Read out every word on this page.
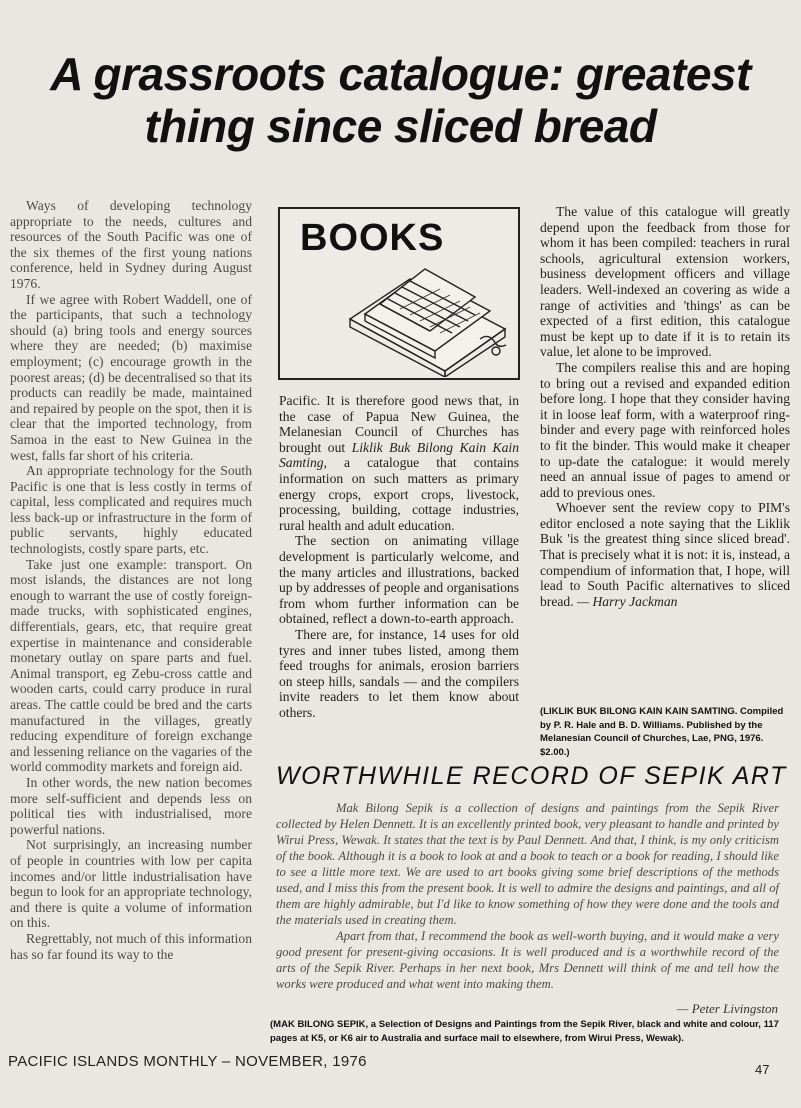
A grassroots catalogue: greatest
thing since sliced bread

Ways of developing technology appropriate to the needs, cultures and resources of the South Pacific was one of the six themes of the first young nations conference, held in Sydney during August 1976.

If we agree with Robert Waddell, one of the participants, that such a technology should (a) bring tools and energy sources where they are needed; (b) maximise employment; (c) encourage growth in the poorest areas; (d) be decentralised so that its products can readily be made, maintained and repaired by people on the spot, then it is clear that the imported technology, from Samoa in the east to New Guinea in the west, falls far short of his criteria.

An appropriate technology for the South Pacific is one that is less costly in terms of capital, less complicated and requires much less back-up or infrastructure in the form of public servants, highly educated technologists, costly spare parts, etc.

Take just one example: transport. On most islands, the distances are not long enough to warrant the use of costly foreign-made trucks, with sophisticated engines, differentials, gears, etc, that require great expertise in maintenance and considerable monetary outlay on spare parts and fuel. Animal transport, eg Zebu-cross cattle and wooden carts, could carry produce in rural areas. The cattle could be bred and the carts manufactured in the villages, greatly reducing expenditure of foreign exchange and lessening reliance on the vagaries of the world commodity markets and foreign aid.

In other words, the new nation becomes more self-sufficient and depends less on political ties with industrialised, more powerful nations.

Not surprisingly, an increasing number of people in countries with low per capita incomes and/or little industrialisation have begun to look for an appropriate technology, and there is quite a volume of information on this.

Regrettably, not much of this information has so far found its way to the

BOOKS

Pacific. It is therefore good news that, in the case of Papua New Guinea, the Melanesian Council of Churches has brought out Liklik Buk Bilong Kain Kain Samting, a catalogue that contains information on such matters as primary energy crops, export crops, livestock, processing, building, cottage industries, rural health and adult education.

The section on animating village development is particularly welcome, and the many articles and illustrations, backed up by addresses of people and organisations from whom further information can be obtained, reflect a down-to-earth approach.

There are, for instance, 14 uses for old tyres and inner tubes listed, among them feed troughs for animals, erosion barriers on steep hills, sandals — and the compilers invite readers to let them know about others.

The value of this catalogue will greatly depend upon the feedback from those for whom it has been compiled: teachers in rural schools, agricultural extension workers, business development officers and village leaders. Well-indexed an covering as wide a range of activities and 'things' as can be expected of a first edition, this catalogue must be kept up to date if it is to retain its value, let alone to be improved.

The compilers realise this and are hoping to bring out a revised and expanded edition before long. I hope that they consider having it in loose leaf form, with a waterproof ring-binder and every page with reinforced holes to fit the binder. This would make it cheaper to up-date the catalogue: it would merely need an annual issue of pages to amend or add to previous ones.

Whoever sent the review copy to PIM's editor enclosed a note saying that the Liklik Buk 'is the greatest thing since sliced bread'. That is precisely what it is not: it is, instead, a compendium of information that, I hope, will lead to South Pacific alternatives to sliced bread. — Harry Jackman

(LIKLIK BUK BILONG KAIN KAIN SAMTING. Compiled by P. R. Hale and B. D. Williams. Published by the Melanesian Council of Churches, Lae, PNG, 1976. $2.00.)
WORTHWHILE RECORD OF SEPIK ART

Mak Bilong Sepik is a collection of designs and paintings from the Sepik River collected by Helen Dennett. It is an excellently printed book, very pleasant to handle and printed by Wirui Press, Wewak. It states that the text is by Paul Dennett. And that, I think, is my only criticism of the book. Although it is a book to look at and a book to teach or a book for reading, I should like to see a little more text. We are used to art books giving some brief descriptions of the methods used, and I miss this from the present book. It is well to admire the designs and paintings, and all of them are highly admirable, but I'd like to know something of how they were done and the tools and the materials used in creating them.

Apart from that, I recommend the book as well-worth buying, and it would make a very good present for present-giving occasions. It is well produced and is a worthwhile record of the arts of the Sepik River. Perhaps in her next book, Mrs Dennett will think of me and tell how the works were produced and what went into making them.

— Peter Livingston
(MAK BILONG SEPIK, a Selection of Designs and Paintings from the Sepik River, black and white and colour, 117 pages at K5, or K6 air to Australia and surface mail to elsewhere, from Wirui Press, Wewak).
PACIFIC ISLANDS MONTHLY – NOVEMBER, 1976	47
